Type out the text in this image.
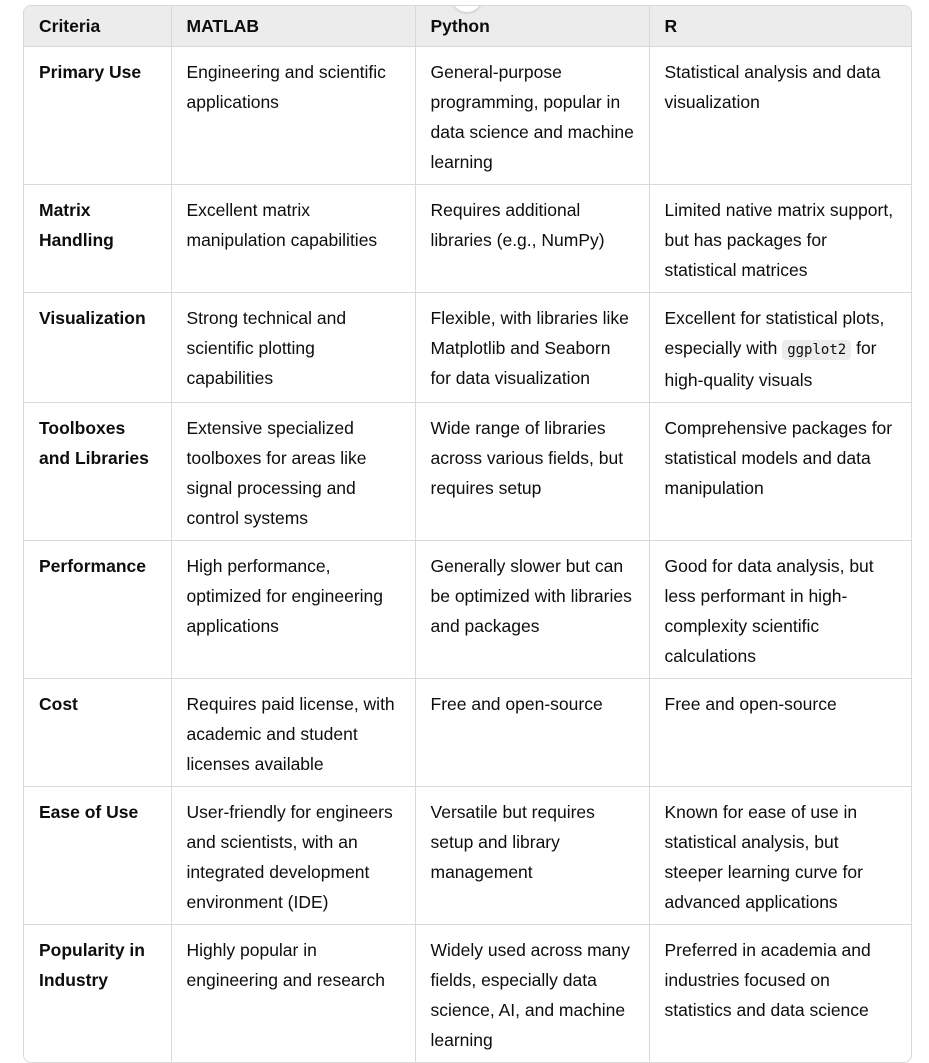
Criteria	MATLAB	Python	R
Primary Use	Engineering and scientific applications	General-purpose programming, popular in data science and machine learning	Statistical analysis and data visualization
Matrix Handling	Excellent matrix manipulation capabilities	Requires additional libraries (e.g., NumPy)	Limited native matrix support, but has packages for statistical matrices
Visualization	Strong technical and scientific plotting capabilities	Flexible, with libraries like Matplotlib and Seaborn for data visualization	Excellent for statistical plots, especially with ggplot2 for high-quality visuals
Toolboxes and Libraries	Extensive specialized toolboxes for areas like signal processing and control systems	Wide range of libraries across various fields, but requires setup	Comprehensive packages for statistical models and data manipulation
Performance	High performance, optimized for engineering applications	Generally slower but can be optimized with libraries and packages	Good for data analysis, but less performant in high-complexity scientific calculations
Cost	Requires paid license, with academic and student licenses available	Free and open-source	Free and open-source
Ease of Use	User-friendly for engineers and scientists, with an integrated development environment (IDE)	Versatile but requires setup and library management	Known for ease of use in statistical analysis, but steeper learning curve for advanced applications
Popularity in Industry	Highly popular in engineering and research	Widely used across many fields, especially data science, AI, and machine learning	Preferred in academia and industries focused on statistics and data science
